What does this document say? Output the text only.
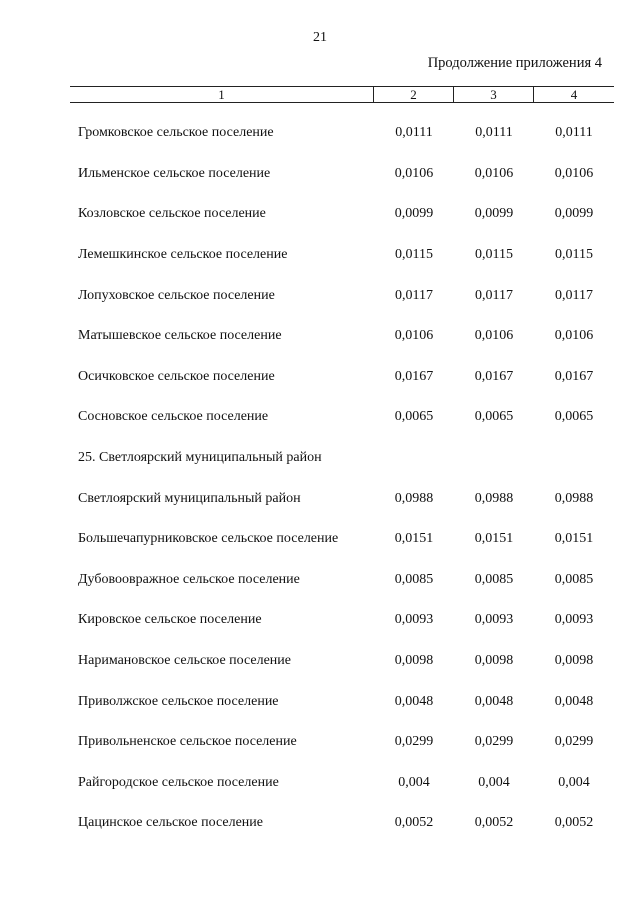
21
Продолжение приложения 4
1	2	3	4
Громковское сельское поселение	0,0111	0,0111	0,0111
Ильменское сельское поселение	0,0106	0,0106	0,0106
Козловское сельское поселение	0,0099	0,0099	0,0099
Лемешкинское сельское поселение	0,0115	0,0115	0,0115
Лопуховское сельское поселение	0,0117	0,0117	0,0117
Матышевское сельское поселение	0,0106	0,0106	0,0106
Осичковское сельское поселение	0,0167	0,0167	0,0167
Сосновское сельское поселение	0,0065	0,0065	0,0065
25. Светлоярский муниципальный район
Светлоярский муниципальный район	0,0988	0,0988	0,0988
Большечапурниковское сельское поселение	0,0151	0,0151	0,0151
Дубовоовражное сельское поселение	0,0085	0,0085	0,0085
Кировское сельское поселение	0,0093	0,0093	0,0093
Наримановское сельское поселение	0,0098	0,0098	0,0098
Приволжское сельское поселение	0,0048	0,0048	0,0048
Привольненское сельское поселение	0,0299	0,0299	0,0299
Райгородское сельское поселение	0,004	0,004	0,004
Цацинское сельское поселение	0,0052	0,0052	0,0052
